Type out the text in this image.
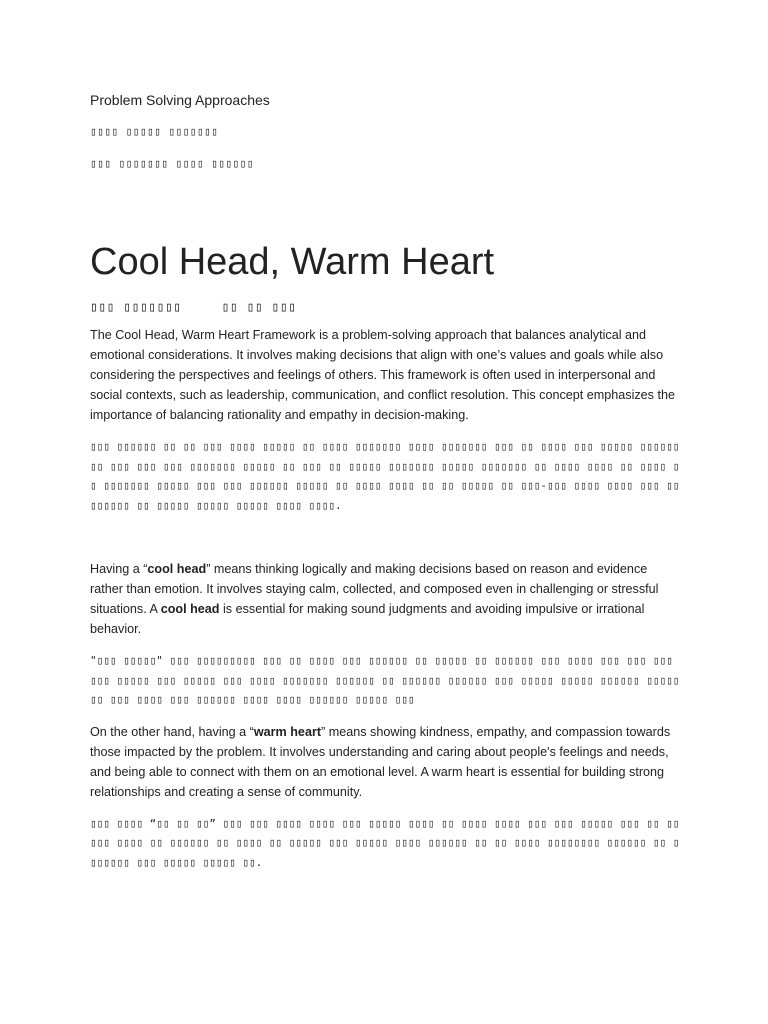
Problem Solving Approaches
▯▯▯▯ ▯▯▯▯▯ ▯▯▯▯▯▯▯
▯▯▯ ▯▯▯▯▯▯▯ ▯▯▯▯ ▯▯▯▯▯▯
Cool Head, Warm Heart
▯▯▯ ▯▯▯▯▯▯▯	▯▯ ▯▯ ▯▯▯

The Cool Head, Warm Heart Framework is a problem-solving approach that balances analytical and emotional considerations. It involves making decisions that align with one’s values and goals while also considering the perspectives and feelings of others. This framework is often used in interpersonal and social contexts, such as leadership, communication, and conflict resolution. This concept emphasizes the importance of balancing rationality and empathy in decision-making.

▯▯▯ ▯▯▯▯▯▯ ▯▯ ▯▯ ▯▯▯ ▯▯▯▯ ▯▯▯▯▯ ▯▯ ▯▯▯▯ ▯▯▯▯▯▯▯ ▯▯▯▯ ▯▯▯▯▯▯▯ ▯▯▯ ▯▯ ▯▯▯▯ ▯▯▯ ▯▯▯▯▯ ▯▯▯▯▯▯ ▯▯ ▯▯▯ ▯▯▯ ▯▯▯ ▯▯▯▯▯▯▯ ▯▯▯▯▯ ▯▯ ▯▯▯ ▯▯ ▯▯▯▯▯ ▯▯▯▯▯▯▯ ▯▯▯▯▯ ▯▯▯▯▯▯▯ ▯▯ ▯▯▯▯ ▯▯▯▯ ▯▯ ▯▯▯▯ ▯▯ ▯▯▯▯▯▯▯ ▯▯▯▯▯ ▯▯▯ ▯▯▯ ▯▯▯▯▯▯ ▯▯▯▯▯ ▯▯ ▯▯▯▯ ▯▯▯▯ ▯▯ ▯▯ ▯▯▯▯▯ ▯▯ ▯▯▯-▯▯▯ ▯▯▯▯ ▯▯▯▯ ▯▯▯ ▯▯▯▯▯▯▯▯ ▯▯ ▯▯▯▯▯ ▯▯▯▯▯ ▯▯▯▯▯ ▯▯▯▯ ▯▯▯▯.

Having a “cool head” means thinking logically and making decisions based on reason and evidence rather than emotion. It involves staying calm, collected, and composed even in challenging or stressful situations. A cool head is essential for making sound judgments and avoiding impulsive or irrational behavior.

"▯▯▯ ▯▯▯▯▯" ▯▯▯ ▯▯▯▯▯▯▯▯▯ ▯▯▯ ▯▯ ▯▯▯▯ ▯▯▯ ▯▯▯▯▯▯ ▯▯ ▯▯▯▯▯ ▯▯ ▯▯▯▯▯▯ ▯▯▯ ▯▯▯▯ ▯▯▯ ▯▯▯ ▯▯▯ ▯▯▯ ▯▯▯▯▯ ▯▯▯ ▯▯▯▯▯ ▯▯▯ ▯▯▯▯ ▯▯▯▯▯▯▯ ▯▯▯▯▯▯ ▯▯ ▯▯▯▯▯▯ ▯▯▯▯▯▯ ▯▯▯ ▯▯▯▯▯ ▯▯▯▯▯ ▯▯▯▯▯▯ ▯▯▯▯▯ ▯▯ ▯▯▯ ▯▯▯▯ ▯▯▯ ▯▯▯▯▯▯ ▯▯▯▯ ▯▯▯▯ ▯▯▯▯▯▯ ▯▯▯▯▯ ▯▯▯

On the other hand, having a “warm heart” means showing kindness, empathy, and compassion towards those impacted by the problem. It involves understanding and caring about people's feelings and needs, and being able to connect with them on an emotional level. A warm heart is essential for building strong relationships and creating a sense of community.

▯▯▯ ▯▯▯▯ “▯▯ ▯▯ ▯▯” ▯▯▯ ▯▯▯ ▯▯▯▯ ▯▯▯▯ ▯▯▯ ▯▯▯▯▯ ▯▯▯▯ ▯▯ ▯▯▯▯ ▯▯▯▯ ▯▯▯ ▯▯▯ ▯▯▯▯▯ ▯▯▯ ▯▯ ▯▯▯▯▯ ▯▯▯▯ ▯▯ ▯▯▯▯▯▯ ▯▯ ▯▯▯▯ ▯▯ ▯▯▯▯▯ ▯▯▯ ▯▯▯▯▯ ▯▯▯▯ ▯▯▯▯▯▯ ▯▯ ▯▯ ▯▯▯▯ ▯▯▯▯▯▯▯▯ ▯▯▯▯▯▯ ▯▯ ▯▯▯▯▯▯▯ ▯▯▯ ▯▯▯▯▯ ▯▯▯▯▯ ▯▯.
